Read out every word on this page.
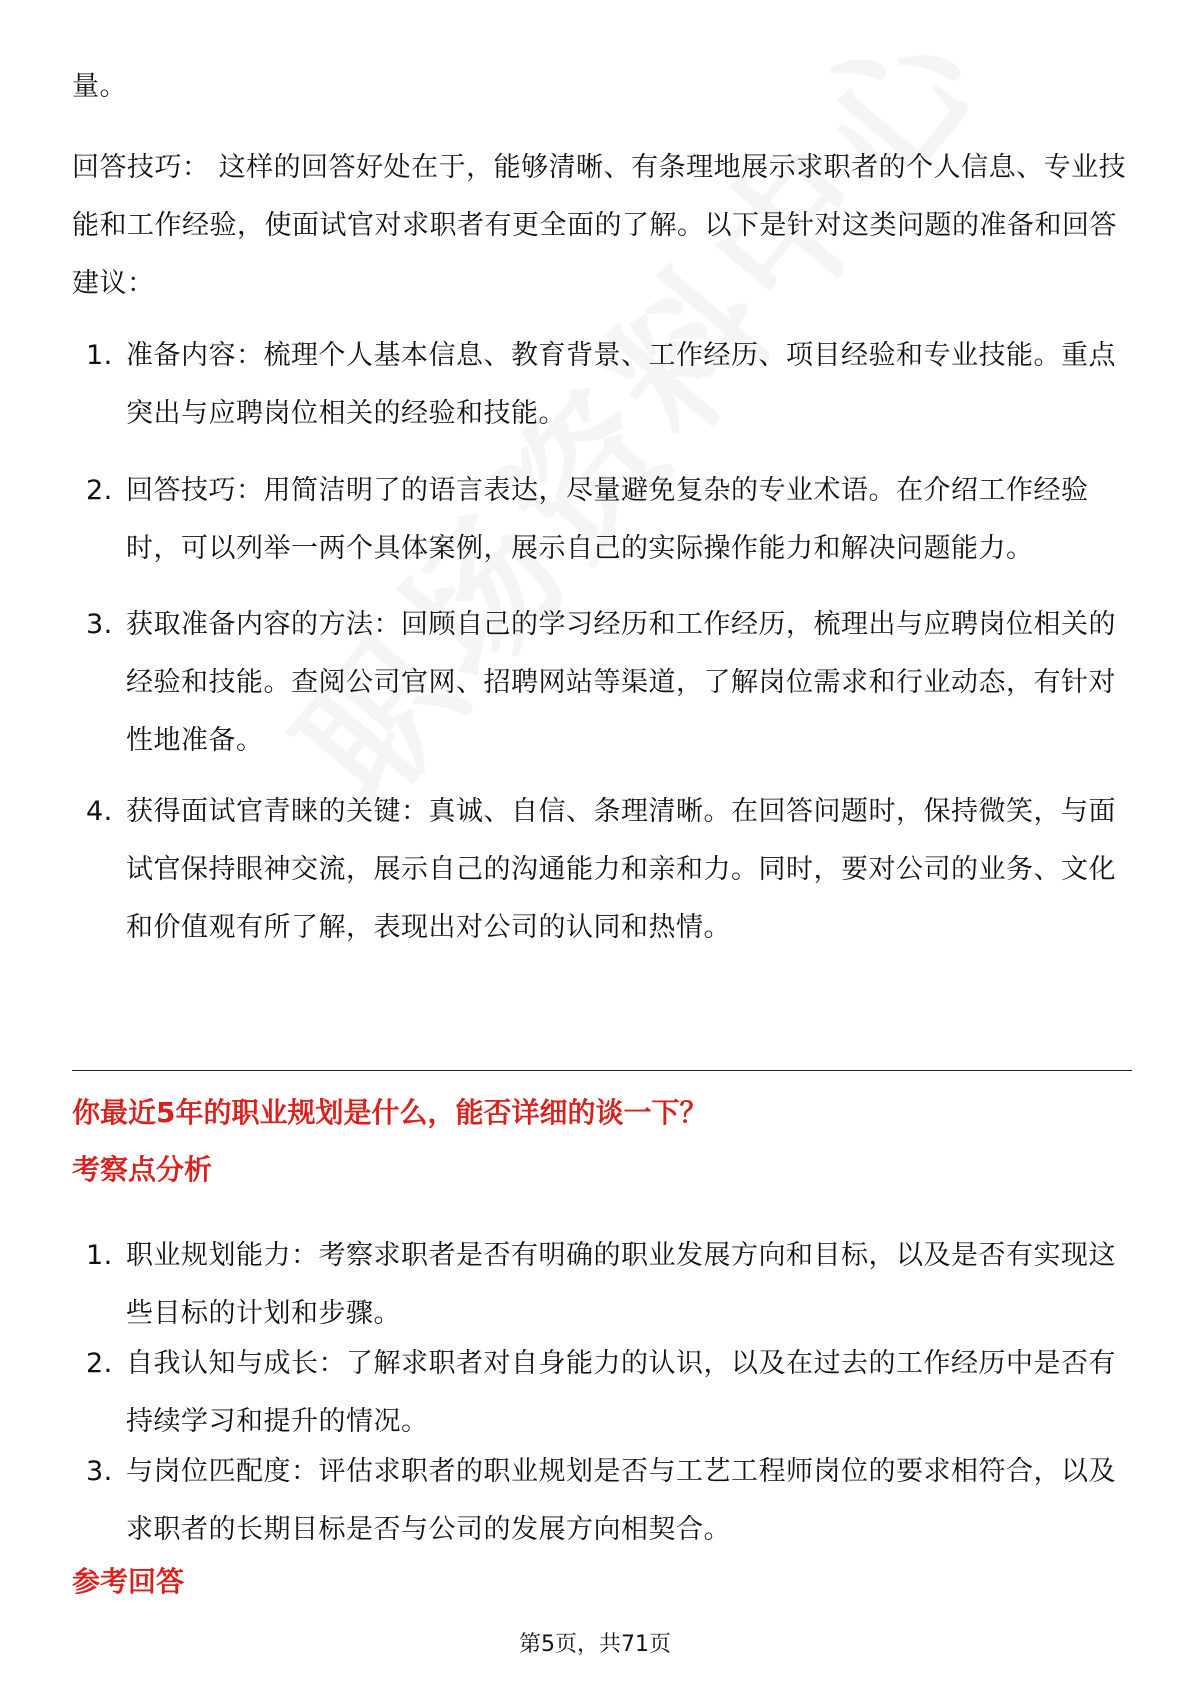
量。
回答技巧： 这样的回答好处在于，能够清晰、有条理地展示求职者的个人信息、专业技能和工作经验，使面试官对求职者有更全面的了解。以下是针对这类问题的准备和回答建议：
1. 准备内容：梳理个人基本信息、教育背景、工作经历、项目经验和专业技能。重点突出与应聘岗位相关的经验和技能。
2. 回答技巧：用简洁明了的语言表达，尽量避免复杂的专业术语。在介绍工作经验时，可以列举一两个具体案例，展示自己的实际操作能力和解决问题能力。
3. 获取准备内容的方法：回顾自己的学习经历和工作经历，梳理出与应聘岗位相关的经验和技能。查阅公司官网、招聘网站等渠道，了解岗位需求和行业动态，有针对性地准备。
4. 获得面试官青睐的关键：真诚、自信、条理清晰。在回答问题时，保持微笑，与面试官保持眼神交流，展示自己的沟通能力和亲和力。同时，要对公司的业务、文化和价值观有所了解，表现出对公司的认同和热情。
你最近5年的职业规划是什么，能否详细的谈一下？
考察点分析
1. 职业规划能力：考察求职者是否有明确的职业发展方向和目标，以及是否有实现这些目标的计划和步骤。
2. 自我认知与成长：了解求职者对自身能力的认识，以及在过去的工作经历中是否有持续学习和提升的情况。
3. 与岗位匹配度：评估求职者的职业规划是否与工艺工程师岗位的要求相符合，以及求职者的长期目标是否与公司的发展方向相契合。
参考回答
第5页，共71页
